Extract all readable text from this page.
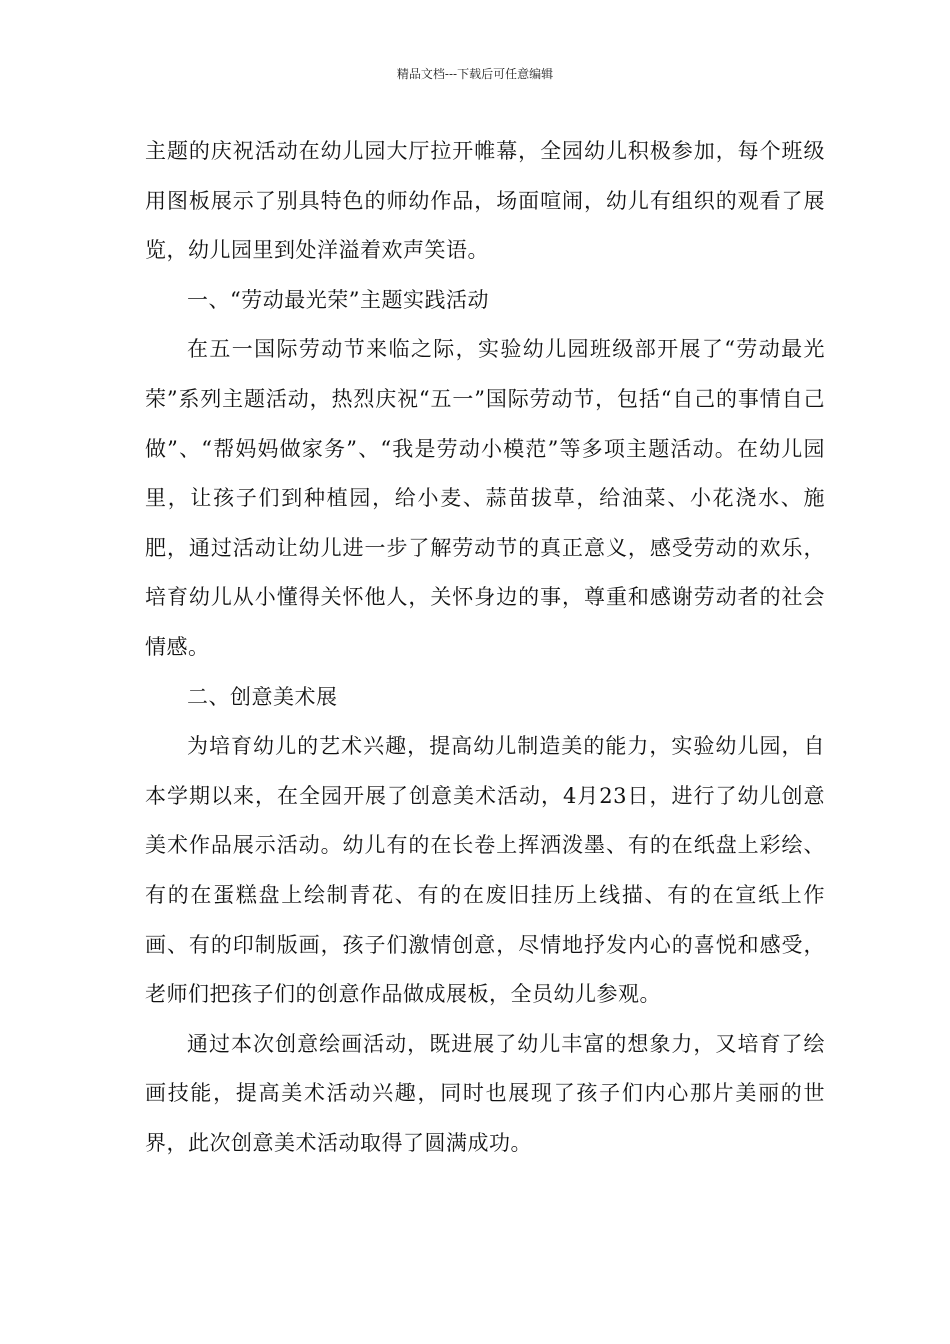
精品文档---下载后可任意编辑

主题的庆祝活动在幼儿园大厅拉开帷幕，全园幼儿积极参加，每个班级用图板展示了别具特色的师幼作品，场面喧闹，幼儿有组织的观看了展览，幼儿园里到处洋溢着欢声笑语。

一、“劳动最光荣”主题实践活动

在五一国际劳动节来临之际，实验幼儿园班级部开展了“劳动最光荣”系列主题活动，热烈庆祝“五一”国际劳动节，包括“自己的事情自己做”、“帮妈妈做家务”、“我是劳动小模范”等多项主题活动。在幼儿园里，让孩子们到种植园，给小麦、蒜苗拔草，给油菜、小花浇水、施肥，通过活动让幼儿进一步了解劳动节的真正意义，感受劳动的欢乐，培育幼儿从小懂得关怀他人，关怀身边的事，尊重和感谢劳动者的社会情感。

二、创意美术展

为培育幼儿的艺术兴趣，提高幼儿制造美的能力，实验幼儿园，自本学期以来，在全园开展了创意美术活动，4月23日，进行了幼儿创意美术作品展示活动。幼儿有的在长卷上挥洒泼墨、有的在纸盘上彩绘、有的在蛋糕盘上绘制青花、有的在废旧挂历上线描、有的在宣纸上作画、有的印制版画，孩子们激情创意，尽情地抒发内心的喜悦和感受，老师们把孩子们的创意作品做成展板，全员幼儿参观。

通过本次创意绘画活动，既进展了幼儿丰富的想象力，又培育了绘画技能，提高美术活动兴趣，同时也展现了孩子们内心那片美丽的世界，此次创意美术活动取得了圆满成功。
